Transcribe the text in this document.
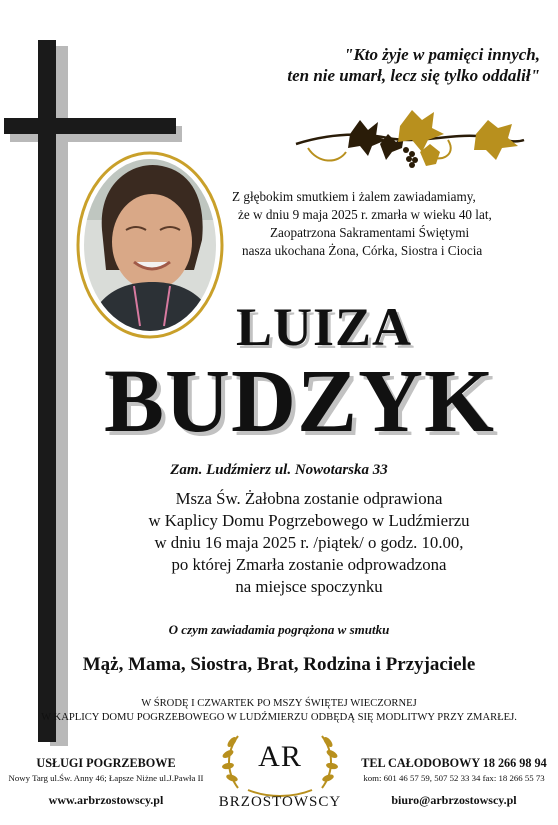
"Kto żyje w pamięci innych,
ten nie umarł, lecz się tylko oddalił"
Z głębokim smutkiem i żalem zawiadamiamy,
że w dniu 9 maja 2025 r. zmarła w wieku 40 lat,
Zaopatrzona Sakramentami Świętymi
nasza ukochana Żona, Córka, Siostra i Ciocia
LUIZA
BUDZYK
Zam. Ludźmierz ul. Nowotarska 33
Msza Św. Żałobna zostanie odprawiona
w Kaplicy Domu Pogrzebowego w Ludźmierzu
w dniu 16 maja 2025 r. /piątek/ o godz. 10.00,
po której Zmarła zostanie odprowadzona
na miejsce spoczynku
O czym zawiadamia pogrążona w smutku
Mąż, Mama, Siostra, Brat, Rodzina i Przyjaciele
W ŚRODĘ I CZWARTEK PO MSZY ŚWIĘTEJ WIECZORNEJ
W KAPLICY DOMU POGRZEBOWEGO W LUDŹMIERZU ODBĘDĄ SIĘ MODLITWY PRZY ZMARŁEJ.
USŁUGI POGRZEBOWE
Nowy Targ ul.Św. Anny 46; Łapsze Niżne ul.J.Pawła II
www.arbrzostowscy.pl
AR
BRZOSTOWSCY
TEL CAŁODOBOWY 18 266 98 94
kom: 601 46 57 59, 507 52 33 34 fax: 18 266 55 73
biuro@arbrzostowscy.pl
